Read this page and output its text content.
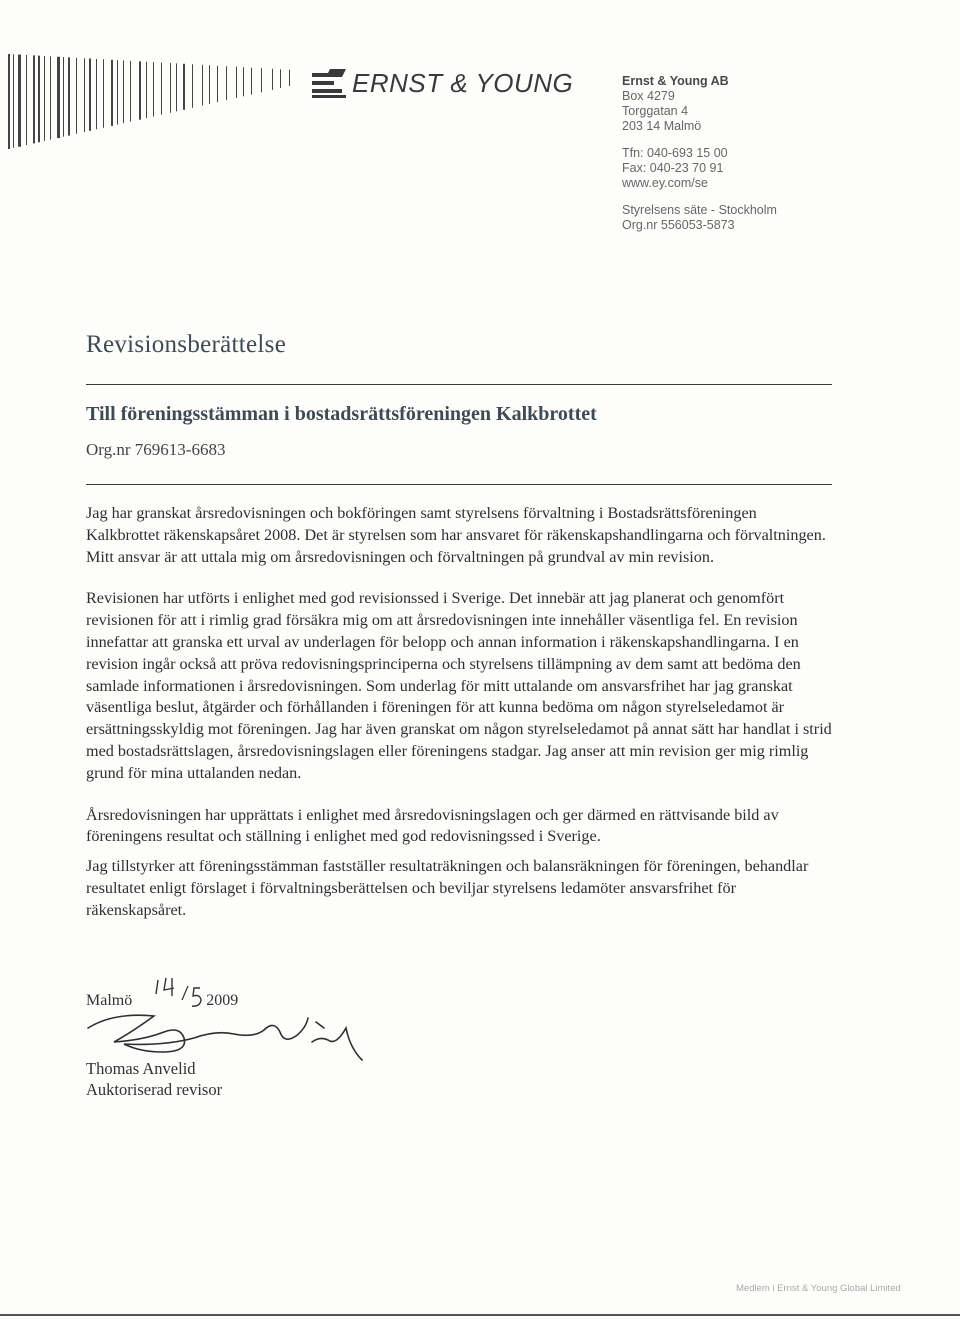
ERNST & YOUNG	Ernst & Young AB
Box 4279
Torggatan 4
203 14 Malmö
Tfn: 040-693 15 00
Fax: 040-23 70 91
www.ey.com/se
Styrelsens säte - Stockholm
Org.nr 556053-5873
Revisionsberättelse
Till föreningsstämman i bostadsrättsföreningen Kalkbrottet
Org.nr 769613-6683

Jag har granskat årsredovisningen och bokföringen samt styrelsens förvaltning i Bostadsrättsföreningen Kalkbrottet räkenskapsåret 2008. Det är styrelsen som har ansvaret för räkenskapshandlingarna och förvaltningen. Mitt ansvar är att uttala mig om årsredovisningen och förvaltningen på grundval av min revision.

Revisionen har utförts i enlighet med god revisionssed i Sverige. Det innebär att jag planerat och genomfört revisionen för att i rimlig grad försäkra mig om att årsredovisningen inte innehåller väsentliga fel. En revision innefattar att granska ett urval av underlagen för belopp och annan information i räkenskapshandlingarna. I en revision ingår också att pröva redovisningsprinciperna och styrelsens tillämpning av dem samt att bedöma den samlade informationen i årsredovisningen. Som underlag för mitt uttalande om ansvarsfrihet har jag granskat väsentliga beslut, åtgärder och förhållanden i föreningen för att kunna bedöma om någon styrelseledamot är ersättningsskyldig mot föreningen. Jag har även granskat om någon styrelseledamot på annat sätt har handlat i strid med bostadsrättslagen, årsredovisningslagen eller föreningens stadgar. Jag anser att min revision ger mig rimlig grund för mina uttalanden nedan.

Årsredovisningen har upprättats i enlighet med årsredovisningslagen och ger därmed en rättvisande bild av föreningens resultat och ställning i enlighet med god redovisningssed i Sverige.

Jag tillstyrker att föreningsstämman fastställer resultaträkningen och balansräkningen för föreningen, behandlar resultatet enligt förslaget i förvaltningsberättelsen och beviljar styrelsens ledamöter ansvarsfrihet för räkenskapsåret.

Malmö	2009
Thomas Anvelid
Auktoriserad revisor
Medlem i Ernst & Young Global Limited
